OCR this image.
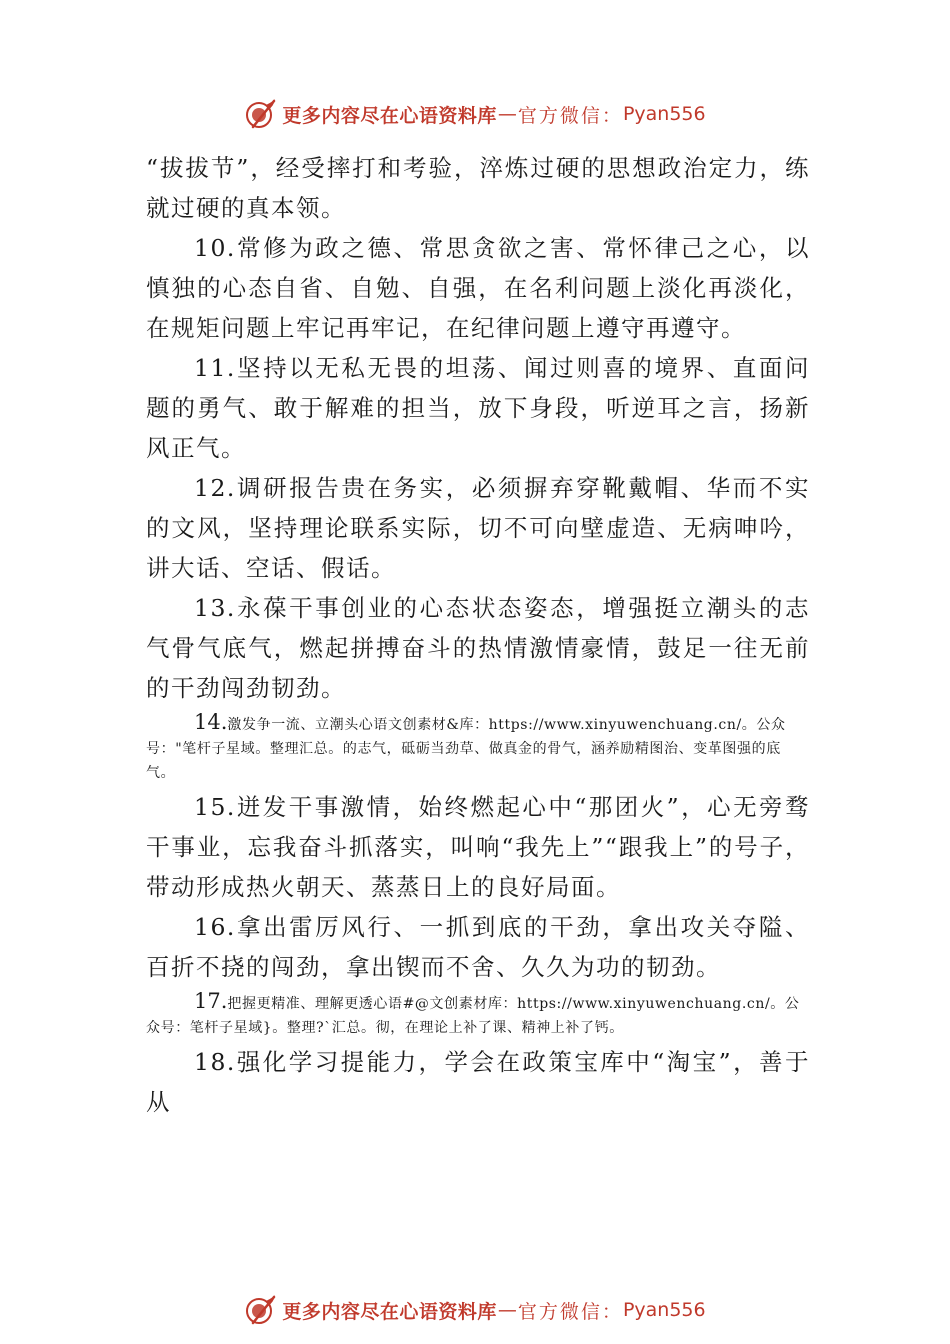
更多内容尽在心语资料库 — 官方微信： Pyan556

“拔拔节”，经受摔打和考验，淬炼过硬的思想政治定力，练就过硬的真本领。

10.常修为政之德、常思贪欲之害、常怀律己之心，以慎独的心态自省、自勉、自强，在名利问题上淡化再淡化，在规矩问题上牢记再牢记，在纪律问题上遵守再遵守。

11.坚持以无私无畏的坦荡、闻过则喜的境界、直面问题的勇气、敢于解难的担当，放下身段，听逆耳之言，扬新风正气。

12.调研报告贵在务实，必须摒弃穿靴戴帽、华而不实的文风，坚持理论联系实际，切不可向壁虚造、无病呻吟，讲大话、空话、假话。

13.永葆干事创业的心态状态姿态，增强挺立潮头的志气骨气底气，燃起拼搏奋斗的热情激情豪情，鼓足一往无前的干劲闯劲韧劲。

14.激发争一流、立潮头心语文创素材&库：https://www.xinyuwenchuang.cn/。公众号："笔杆子星域。整理汇总。的志气，砥砺当劲草、做真金的骨气，涵养励精图治、变革图强的底气。

15.迸发干事激情，始终燃起心中“那团火”，心无旁骛干事业，忘我奋斗抓落实，叫响“我先上”“跟我上”的号子，带动形成热火朝天、蒸蒸日上的良好局面。

16.拿出雷厉风行、一抓到底的干劲，拿出攻关夺隘、百折不挠的闯劲，拿出锲而不舍、久久为功的韧劲。

17.把握更精准、理解更透心语#@文创素材库：https://www.xinyuwenchuang.cn/。公众号：笔杆子星域}。整理?`汇总。彻，在理论上补了课、精神上补了钙。

18.强化学习提能力，学会在政策宝库中“淘宝”，善于从

更多内容尽在心语资料库 — 官方微信： Pyan556
